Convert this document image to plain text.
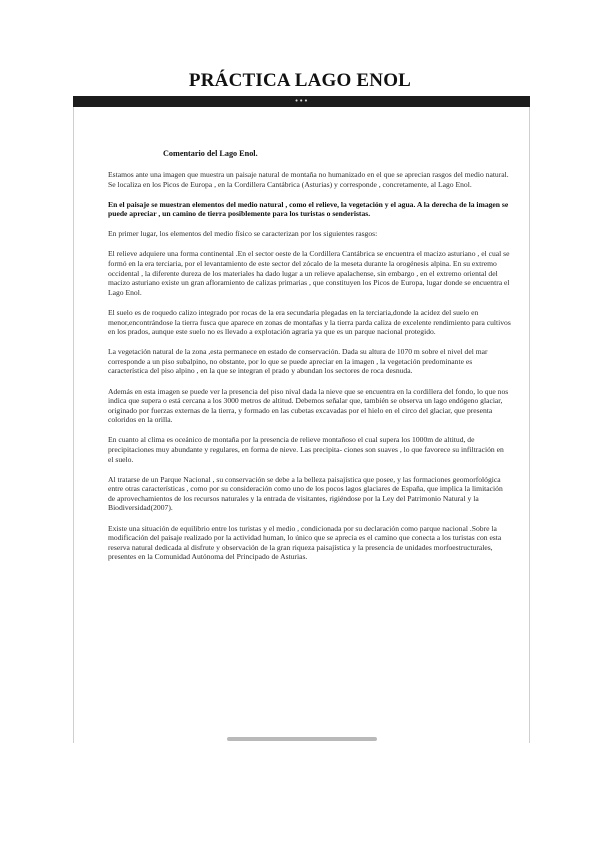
PRÁCTICA LAGO ENOL
•••
Comentario del Lago Enol.

Estamos ante una imagen que muestra un paisaje natural de montaña no humanizado en el que se aprecian rasgos del medio natural. Se localiza en los Picos de Europa , en la Cordillera Cantábrica (Asturias) y corresponde , concretamente, al Lago Enol.

En el paisaje se muestran elementos del medio natural , como el relieve, la vegetación y el agua. A la derecha de la imagen se puede apreciar , un camino de tierra posiblemente para los turistas o senderistas.

En primer lugar, los elementos del medio físico se caracterizan por los siguientes rasgos:

El relieve adquiere una forma continental .En el sector oeste de la Cordillera Cantábrica se encuentra el macizo asturiano , el cual se formó en la era terciaria, por el levantamiento de este sector del zócalo de la meseta durante la orogénesis alpina. En su extremo occidental , la diferente dureza de los materiales ha dado lugar a un relieve apalachense, sin embargo , en el extremo oriental del macizo asturiano existe un gran afloramiento de calizas primarias , que constituyen los Picos de Europa, lugar donde se encuentra el Lago Enol.

El suelo es de roquedo calizo integrado por rocas de la era secundaria plegadas en la terciaria,donde la acidez del suelo en menor,encontrándose la tierra fusca que aparece en zonas de montañas y la tierra parda caliza de excelente rendimiento para cultivos en los prados, aunque este suelo no es llevado a explotación agraria ya que es un parque nacional protegido.

La vegetación natural de la zona ,esta permanece en estado de conservación. Dada su altura de 1070 m sobre el nivel del mar corresponde a un piso subalpino, no obstante, por lo que se puede apreciar en la imagen , la vegetación predominante es característica del piso alpino , en la que se integran el prado y abundan los sectores de roca desnuda.

Además en esta imagen se puede ver la presencia del piso nival dada la nieve que se encuentra en la cordillera del fondo, lo que nos indica que supera o está cercana a los 3000 metros de altitud. Debemos señalar que, también se observa un lago endógeno glaciar, originado por fuerzas externas de la tierra, y formado en las cubetas excavadas por el hielo en el circo del glaciar, que presenta coloridos en la orilla.

En cuanto al clima es oceánico de montaña por la presencia de relieve montañoso el cual supera los 1000m de altitud, de precipitaciones muy abundante y regulares, en forma de nieve. Las precipita- ciones son suaves , lo que favorece su infiltración en el suelo.

Al tratarse de un Parque Nacional , su conservación se debe a la belleza paisajística que posee, y las formaciones geomorfológica entre otras características , como por su consideración como uno de los pocos lagos glaciares de España, que implica la limitación de aprovechamientos de los recursos naturales y la entrada de visitantes, rigiéndose por la Ley del Patrimonio Natural y la Biodiversidad(2007).

Existe una situación de equilibrio entre los turistas y el medio , condicionada por su declaración como parque nacional .Sobre la modificación del paisaje realizado por la actividad human, lo único que se aprecia es el camino que conecta a los turistas con esta reserva natural dedicada al disfrute y observación de la gran riqueza paisajística y la presencia de unidades morfoestructurales, presentes en la Comunidad Autónoma del Principado de Asturias.
